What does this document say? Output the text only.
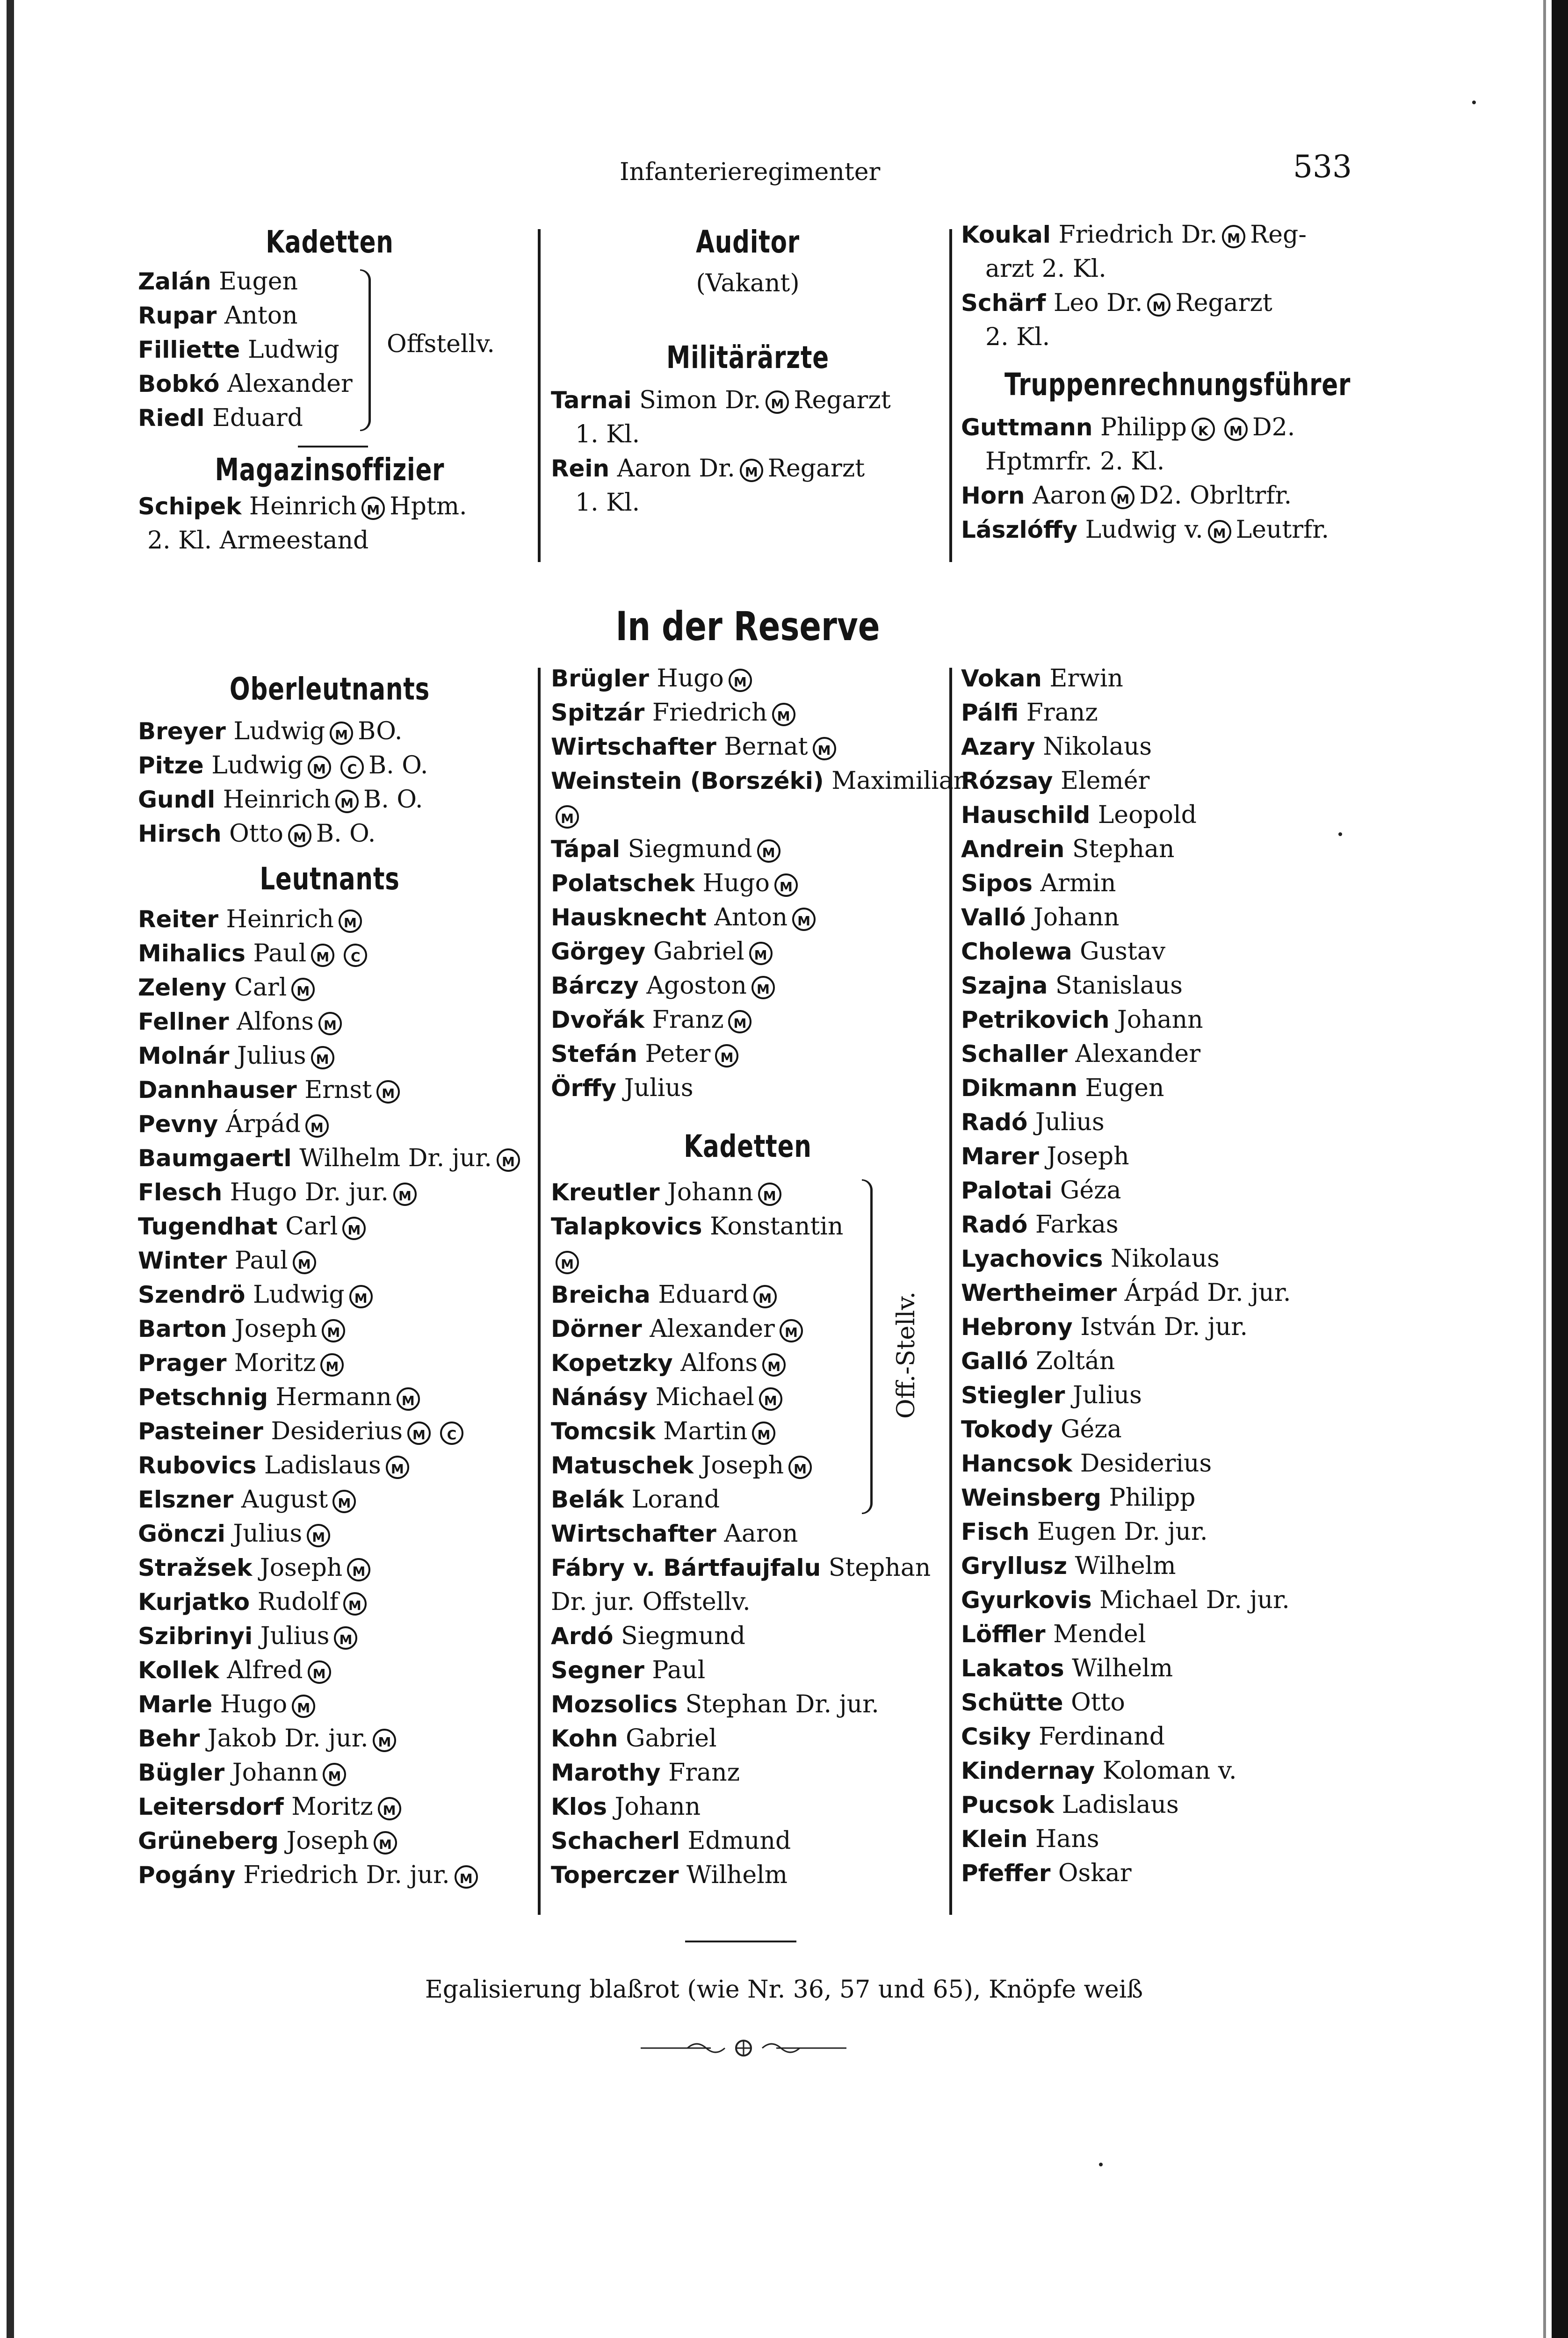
Infanterieregimenter	533
Kadetten
Zalán Eugen
Rupar Anton
Filliette Ludwig
Bobkó Alexander
Riedl Eduard
Offstellv.
Magazinsoffizier
Schipek Heinrich M Hptm.
2. Kl. Armeestand
Auditor
(Vakant)
Militärärzte
Tarnai Simon Dr. M Regarzt
1. Kl.
Rein Aaron Dr. M Regarzt
1. Kl.
Koukal Friedrich Dr. M Reg-
arzt 2. Kl.
Schärf Leo Dr. M Regarzt
2. Kl.
Truppenrechnungsführer
Guttmann Philipp K M D2.
Hptmrfr. 2. Kl.
Horn Aaron M D2. Obrltrfr.
Lászlóffy Ludwig v. M Leutrfr.
In der Reserve
Oberleutnants
Breyer Ludwig M BO.
Pitze Ludwig M C B. O.
Gundl Heinrich M B. O.
Hirsch Otto M B. O.
Leutnants
Reiter Heinrich M
Mihalics Paul M C
Zeleny Carl M
Fellner Alfons M
Molnár Julius M
Dannhauser Ernst M
Pevny Árpád M
Baumgaertl Wilhelm Dr. jur. M
Flesch Hugo Dr. jur. M
Tugendhat Carl M
Winter Paul M
Szendrö Ludwig M
Barton Joseph M
Prager Moritz M
Petschnig Hermann M
Pasteiner Desiderius M C
Rubovics Ladislaus M
Elszner August M
Gönczi Julius M
Stražsek Joseph M
Kurjatko Rudolf M
Szibrinyi Julius M
Kollek Alfred M
Marle Hugo M
Behr Jakob Dr. jur. M
Bügler Johann M
Leitersdorf Moritz M
Grüneberg Joseph M
Pogány Friedrich Dr. jur. M
Brügler Hugo M
Spitzár Friedrich M
Wirtschafter Bernat M
Weinstein (Borszéki) Maximilian
M
Tápal Siegmund M
Polatschek Hugo M
Hausknecht Anton M
Görgey Gabriel M
Bárczy Agoston M
Dvořák Franz M
Stefán Peter M
Örffy Julius
Kadetten
Kreutler Johann M
Talapkovics Konstantin
M
Breicha Eduard M
Dörner Alexander M
Kopetzky Alfons M
Nánásy Michael M
Tomcsik Martin M
Matuschek Joseph M
Belák Lorand
Off.-Stellv.
Wirtschafter Aaron
Fábry v. Bártfaujfalu Stephan
Dr. jur. Offstellv.
Ardó Siegmund
Segner Paul
Mozsolics Stephan Dr. jur.
Kohn Gabriel
Marothy Franz
Klos Johann
Schacherl Edmund
Toperczer Wilhelm
Vokan Erwin
Pálfi Franz
Azary Nikolaus
Rózsay Elemér
Hauschild Leopold
Andrein Stephan
Sipos Armin
Valló Johann
Cholewa Gustav
Szajna Stanislaus
Petrikovich Johann
Schaller Alexander
Dikmann Eugen
Radó Julius
Marer Joseph
Palotai Géza
Radó Farkas
Lyachovics Nikolaus
Wertheimer Árpád Dr. jur.
Hebrony István Dr. jur.
Galló Zoltán
Stiegler Julius
Tokody Géza
Hancsok Desiderius
Weinsberg Philipp
Fisch Eugen Dr. jur.
Gryllusz Wilhelm
Gyurkovis Michael Dr. jur.
Löffler Mendel
Lakatos Wilhelm
Schütte Otto
Csiky Ferdinand
Kindernay Koloman v.
Pucsok Ladislaus
Klein Hans
Pfeffer Oskar
Egalisierung blaßrot (wie Nr. 36, 57 und 65), Knöpfe weiß
